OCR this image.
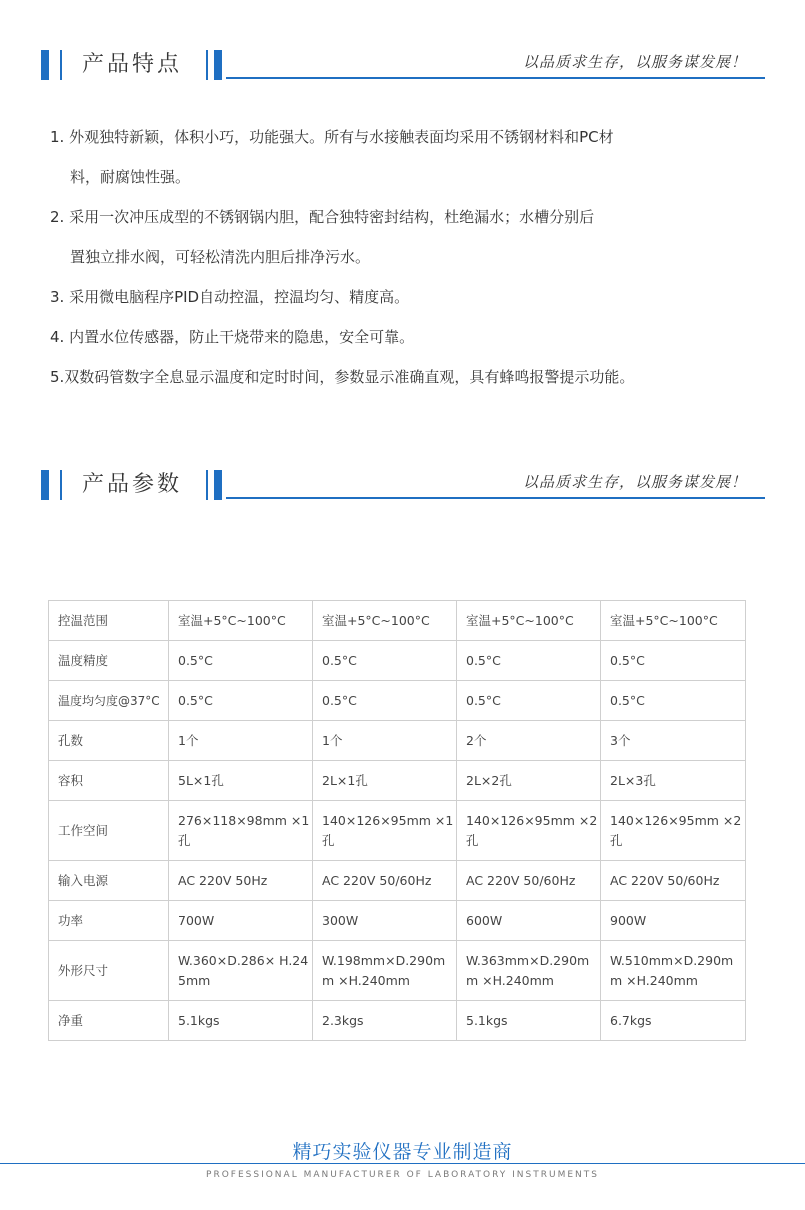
产品特点	以品质求生存，以服务谋发展！

1. 外观独特新颖，体积小巧，功能强大。所有与水接触表面均采用不锈钢材料和PC材
料，耐腐蚀性强。

2. 采用一次冲压成型的不锈钢锅内胆，配合独特密封结构，杜绝漏水；水槽分别后
置独立排水阀，可轻松清洗内胆后排净污水。

3. 采用微电脑程序PID自动控温，控温均匀、精度高。

4. 内置水位传感器，防止干烧带来的隐患，安全可靠。

5.双数码管数字全息显示温度和定时时间，参数显示准确直观，具有蜂鸣报警提示功能。

产品参数	以品质求生存，以服务谋发展！
控温范围	室温+5°C~100°C	室温+5°C~100°C	室温+5°C~100°C	室温+5°C~100°C
温度精度	0.5°C	0.5°C	0.5°C	0.5°C
温度均匀度@37°C	0.5°C	0.5°C	0.5°C	0.5°C
孔数	1个	1个	2个	3个
容积	5L×1孔	2L×1孔	2L×2孔	2L×3孔
工作空间	276×118×98mm ×1孔	140×126×95mm ×1孔	140×126×95mm ×2孔	140×126×95mm ×2孔
输入电源	AC 220V 50Hz	AC 220V 50/60Hz	AC 220V 50/60Hz	AC 220V 50/60Hz
功率	700W	300W	600W	900W
外形尺寸	W.360×D.286× H.245mm	W.198mm×D.290mm ×H.240mm	W.363mm×D.290mm ×H.240mm	W.510mm×D.290mm ×H.240mm
净重	5.1kgs	2.3kgs	5.1kgs	6.7kgs
精巧实验仪器专业制造商
PROFESSIONAL MANUFACTURER OF LABORATORY INSTRUMENTS
